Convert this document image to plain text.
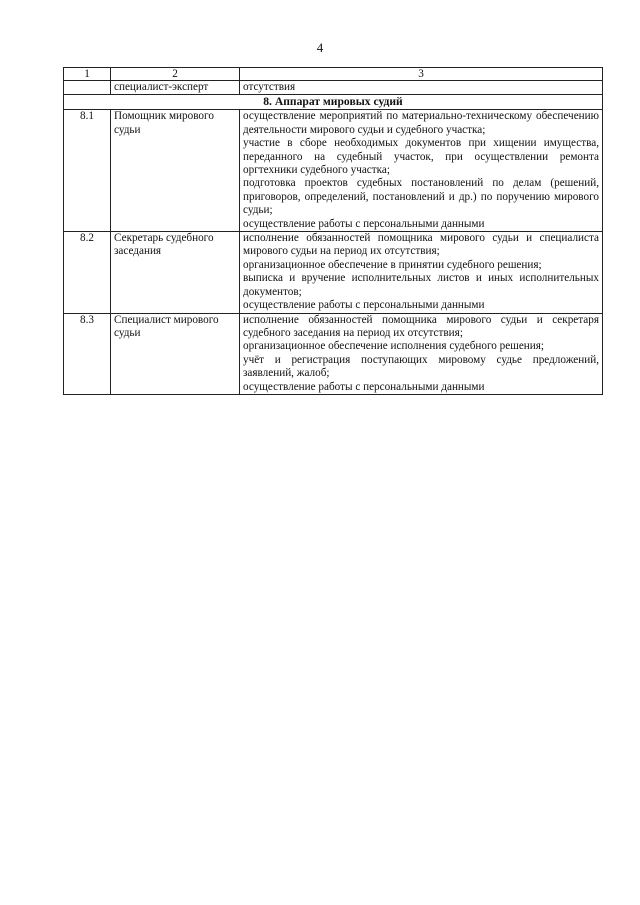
4
1	2	3
	специалист-эксперт	отсутствия

8. Аппарат мировых судий		
8.1	Помощник мирового судьи	осуществление мероприятий по материально-техническому обеспечению деятельности мирового судьи и судебного участка;
участие в сборе необходимых документов при хищении имущества, переданного на судебный участок, при осуществлении ремонта оргтехники судебного участка;
подготовка проектов судебных постановлений по делам (решений, приговоров, определений, постановлений и др.) по поручению мирового судьи;
осуществление работы с персональными данными

8.2	Секретарь судебного заседания	исполнение обязанностей помощника мирового судьи и специалиста мирового судьи на период их отсутствия;
организационное обеспечение в принятии судебного решения;
выписка и вручение исполнительных листов и иных исполнительных документов;
осуществление работы с персональными данными

8.3	Специалист мирового судьи	исполнение обязанностей помощника мирового судьи и секретаря судебного заседания на период их отсутствия;
организационное обеспечение исполнения судебного решения;
учёт и регистрация поступающих мировому судье предложений, заявлений, жалоб;
осуществление работы с персональными данными
